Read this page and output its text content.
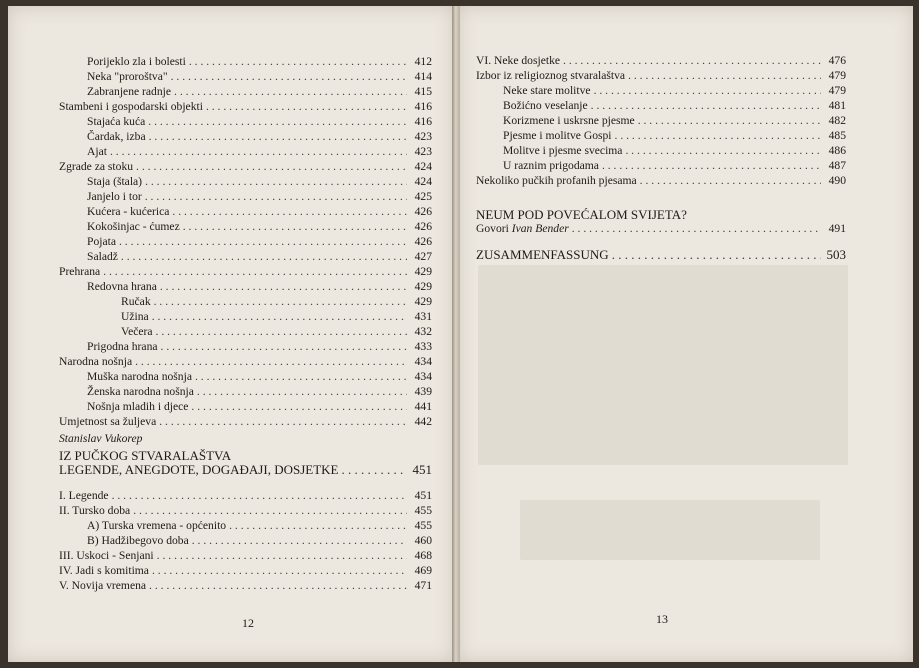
Porijeklo zla i bolesti . . .	412
Neka "proroštva" . . .	414
Zabranjene radnje . . .	415
Stambeni i gospodarski objekti . . .	416
Stajaća kuća . . .	416
Čardak, izba . . .	423
Ajat . . .	423
Zgrade za stoku . . .	424
Staja (štala) . . .	424
Janjelo i tor . . .	425
Kućera - kućerica . . .	426
Kokošinjac - ćumez . . .	426
Pojata . . .	426
Saladž . . .	427
Prehrana . . .	429
Redovna hrana . . .	429
Ručak . . .	429
Užina . . .	431
Večera . . .	432
Prigodna hrana . . .	433
Narodna nošnja . . .	434
Muška narodna nošnja . . .	434
Ženska narodna nošnja . . .	439
Nošnja mladih i djece . . .	441
Umjetnost sa žuljeva . . .	442
Stanislav Vukorep
IZ PUČKOG STVARALAŠTVA
LEGENDE, ANEGDOTE, DOGAĐAJI, DOSJETKE . . .	451
I. Legende . . .	451
II. Tursko doba . . .	455
A) Turska vremena - općenito . . .	455
B) Hadžibegovo doba . . .	460
III. Uskoci - Senjani . . .	468
IV. Jadi s komitima . . .	469
V. Novija vremena . . .	471
12
VI. Neke dosjetke . . .	476
Izbor iz religioznog stvaralaštva . . .	479
Neke stare molitve . . .	479
Božićno veselanje . . .	481
Korizmene i uskrsne pjesme . . .	482
Pjesme i molitve Gospi . . .	485
Molitve i pjesme svecima . . .	486
U raznim prigodama . . .	487
Nekoliko pučkih profanih pjesama . . .	490
NEUM POD POVEĆALOM SVIJETA?
Govori Ivan Bender . . .	491
ZUSAMMENFASSUNG . . .	503
13
